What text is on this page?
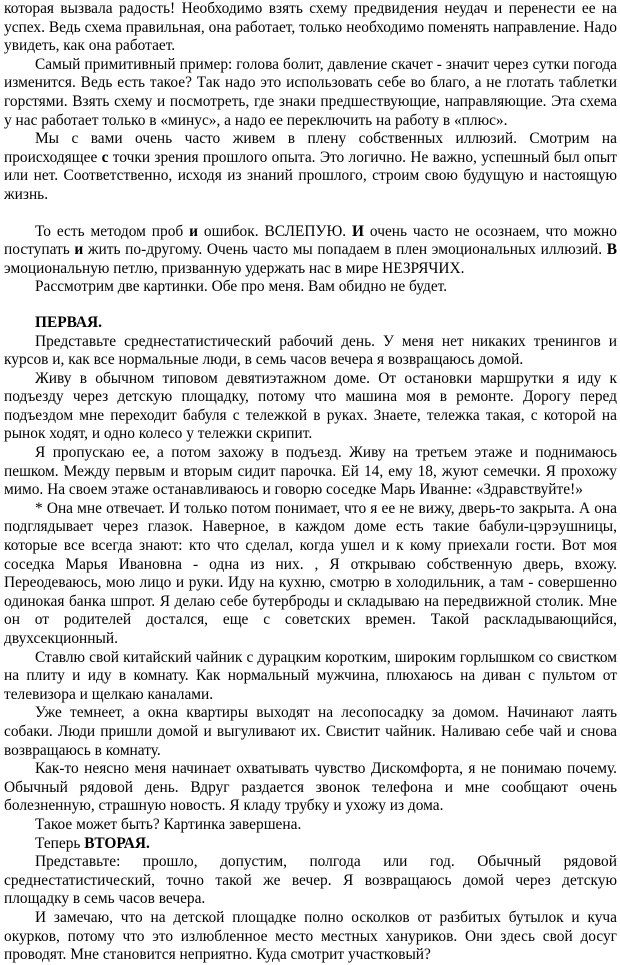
которая вызвала радость! Необходимо взять схему предвидения неудач и перенести ее на успех. Ведь схема правильная, она работает, только необходимо поменять направление. Надо увидеть, как она работает.

Самый примитивный пример: голова болит, давление скачет - значит через сутки погода изменится. Ведь есть такое? Так надо это использовать себе во благо, а не глотать таблетки горстями. Взять схему и посмотреть, где знаки предшествующие, направляющие. Эта схема у нас работает только в «минус», а надо ее переключить на работу в «плюс».

Мы с вами очень часто живем в плену собственных иллюзий. Смотрим на происходящее с точки зрения прошлого опыта. Это логично. Не важно, успешный был опыт или нет. Соответственно, исходя из знаний прошлого, строим свою будущую и настоящую жизнь.

То есть методом проб и ошибок. ВСЛЕПУЮ. И очень часто не осознаем, что можно поступать и жить по-другому. Очень часто мы попадаем в плен эмоциональных иллюзий. В эмоциональную петлю, призванную удержать нас в мире НЕЗРЯЧИХ.

Рассмотрим две картинки. Обе про меня. Вам обидно не будет.

ПЕРВАЯ.

Представьте среднестатистический рабочий день. У меня нет никаких тренингов и курсов и, как все нормальные люди, в семь часов вечера я возвращаюсь домой.

Живу в обычном типовом девятиэтажном доме. От остановки маршрутки я иду к подъезду через детскую площадку, потому что машина моя в ремонте. Дорогу перед подъездом мне переходит бабуля с тележкой в руках. Знаете, тележка такая, с которой на рынок ходят, и одно колесо у тележки скрипит.

Я пропускаю ее, а потом захожу в подъезд. Живу на третьем этаже и поднимаюсь пешком. Между первым и вторым сидит парочка. Ей 14, ему 18, жуют семечки. Я прохожу мимо. На своем этаже останавливаюсь и говорю соседке Марь Иванне: «Здравствуйте!»

* Она мне отвечает. И только потом понимает, что я ее не вижу, дверь-то закрыта. А она подглядывает через глазок. Наверное, в каждом доме есть такие бабули-цэрэушницы, которые все всегда знают: кто что сделал, когда ушел и к кому приехали гости. Вот моя соседка Марья Ивановна - одна из них. , Я открываю собственную дверь, вхожу. Переодеваюсь, мою лицо и руки. Иду на кухню, смотрю в холодильник, а там - совершенно одинокая банка шпрот. Я делаю себе бутерброды и складываю на передвижной столик. Мне он от родителей достался, еще с советских времен. Такой раскладывающийся, двухсекционный.

Ставлю свой китайский чайник с дурацким коротким, широким горлышком со свистком на плиту и иду в комнату. Как нормальный мужчина, плюхаюсь на диван с пультом от телевизора и щелкаю каналами.

Уже темнеет, а окна квартиры выходят на лесопосадку за домом. Начинают лаять собаки. Люди пришли домой и выгуливают их. Свистит чайник. Наливаю себе чай и снова возвращаюсь в комнату.

Как-то неясно меня начинает охватывать чувство Дискомфорта, я не понимаю почему. Обычный рядовой день. Вдруг раздается звонок телефона и мне сообщают очень болезненную, страшную новость. Я кладу трубку и ухожу из дома.

Такое может быть? Картинка завершена.

Теперь ВТОРАЯ.

Представьте: прошло, допустим, полгода или год. Обычный рядовой среднестатистический, точно такой же вечер. Я возвращаюсь домой через детскую площадку в семь часов вечера.

И замечаю, что на детской площадке полно осколков от разбитых бутылок и куча окурков, потому что это излюбленное место местных хануриков. Они здесь свой досуг проводят. Мне становится неприятно. Куда смотрит участковый?
